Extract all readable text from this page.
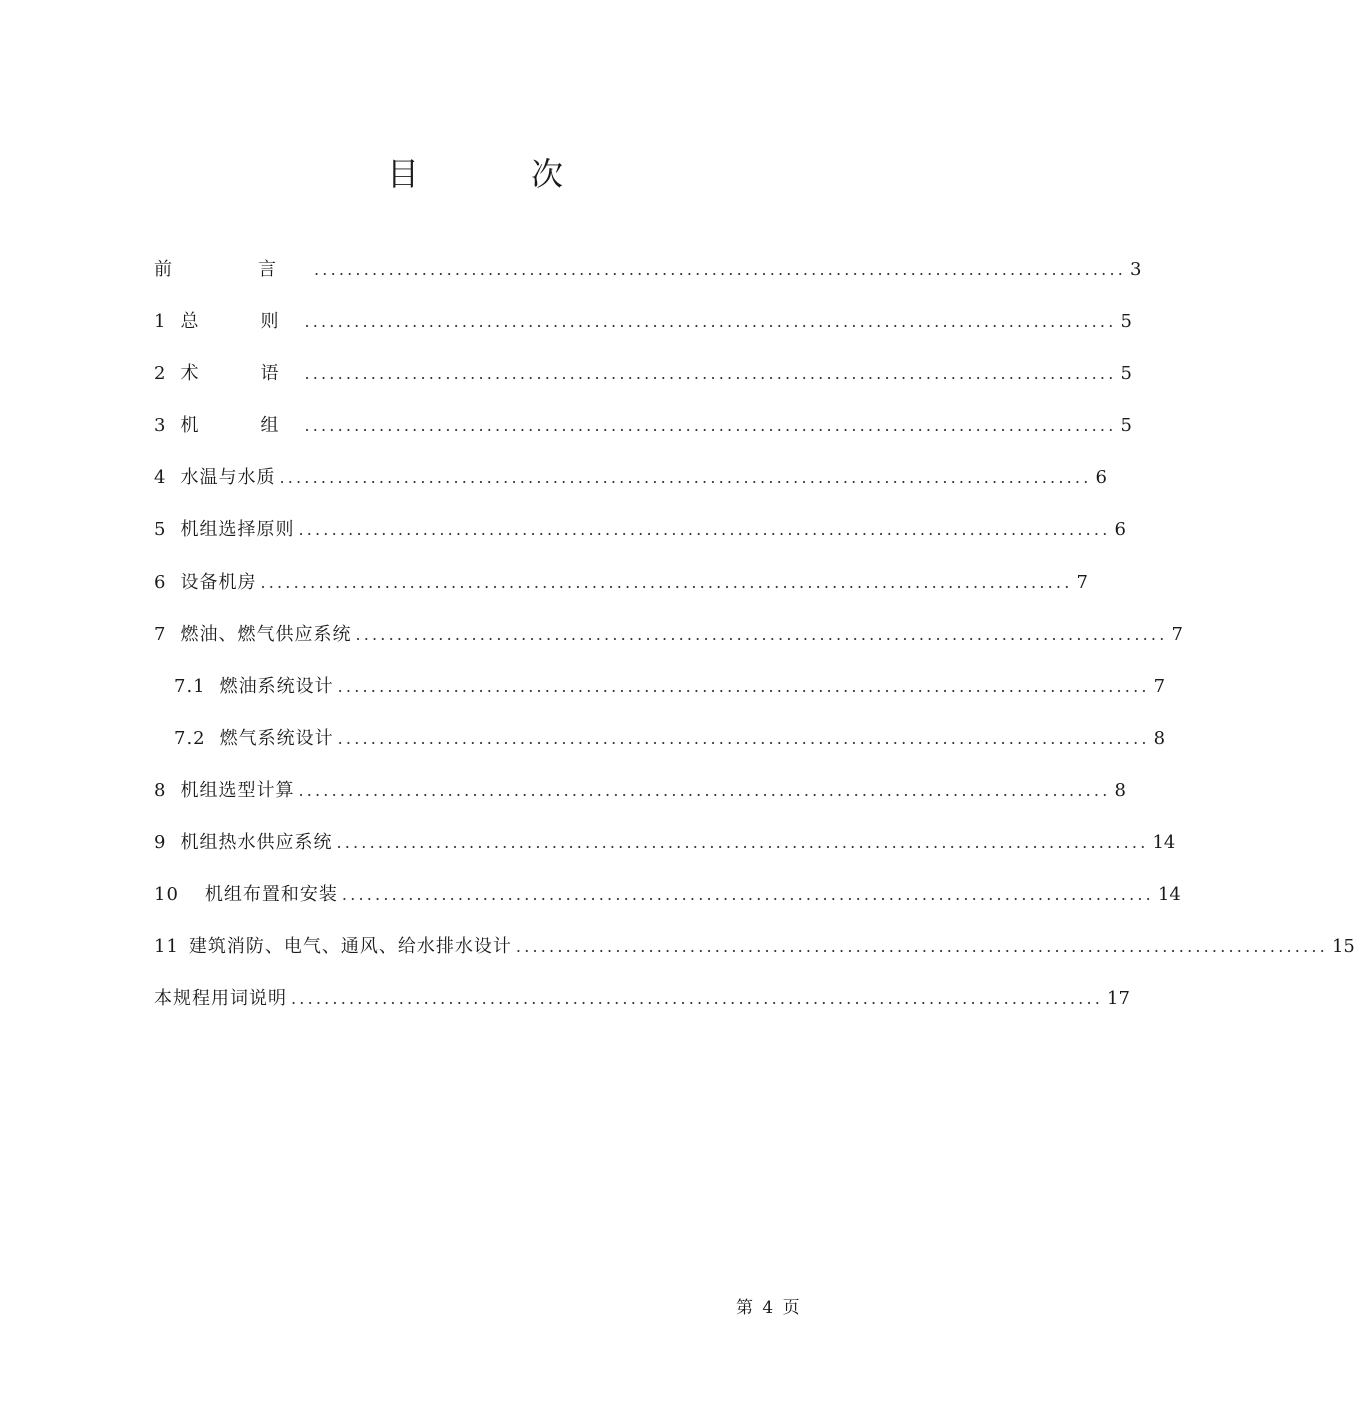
目　次
前　言 .................................................................................................. 3
1 总　则 .................................................................................................. 5
2 术　语 .................................................................................................. 5
3 机　组 .................................................................................................. 5
4 水温与水质 .................................................................................................. 6
5 机组选择原则 .................................................................................................. 6
6 设备机房 .................................................................................................. 7
7 燃油、燃气供应系统 .................................................................................................. 7
7.1 燃油系统设计 .................................................................................................. 7
7.2 燃气系统设计 .................................................................................................. 8
8 机组选型计算 .................................................................................................. 8
9 机组热水供应系统 .................................................................................................. 14
10 机组布置和安装 .................................................................................................. 14
11 建筑消防、电气、通风、给水排水设计 .................................................................................................. 15
本规程用词说明 .................................................................................................. 17
第 4 页
